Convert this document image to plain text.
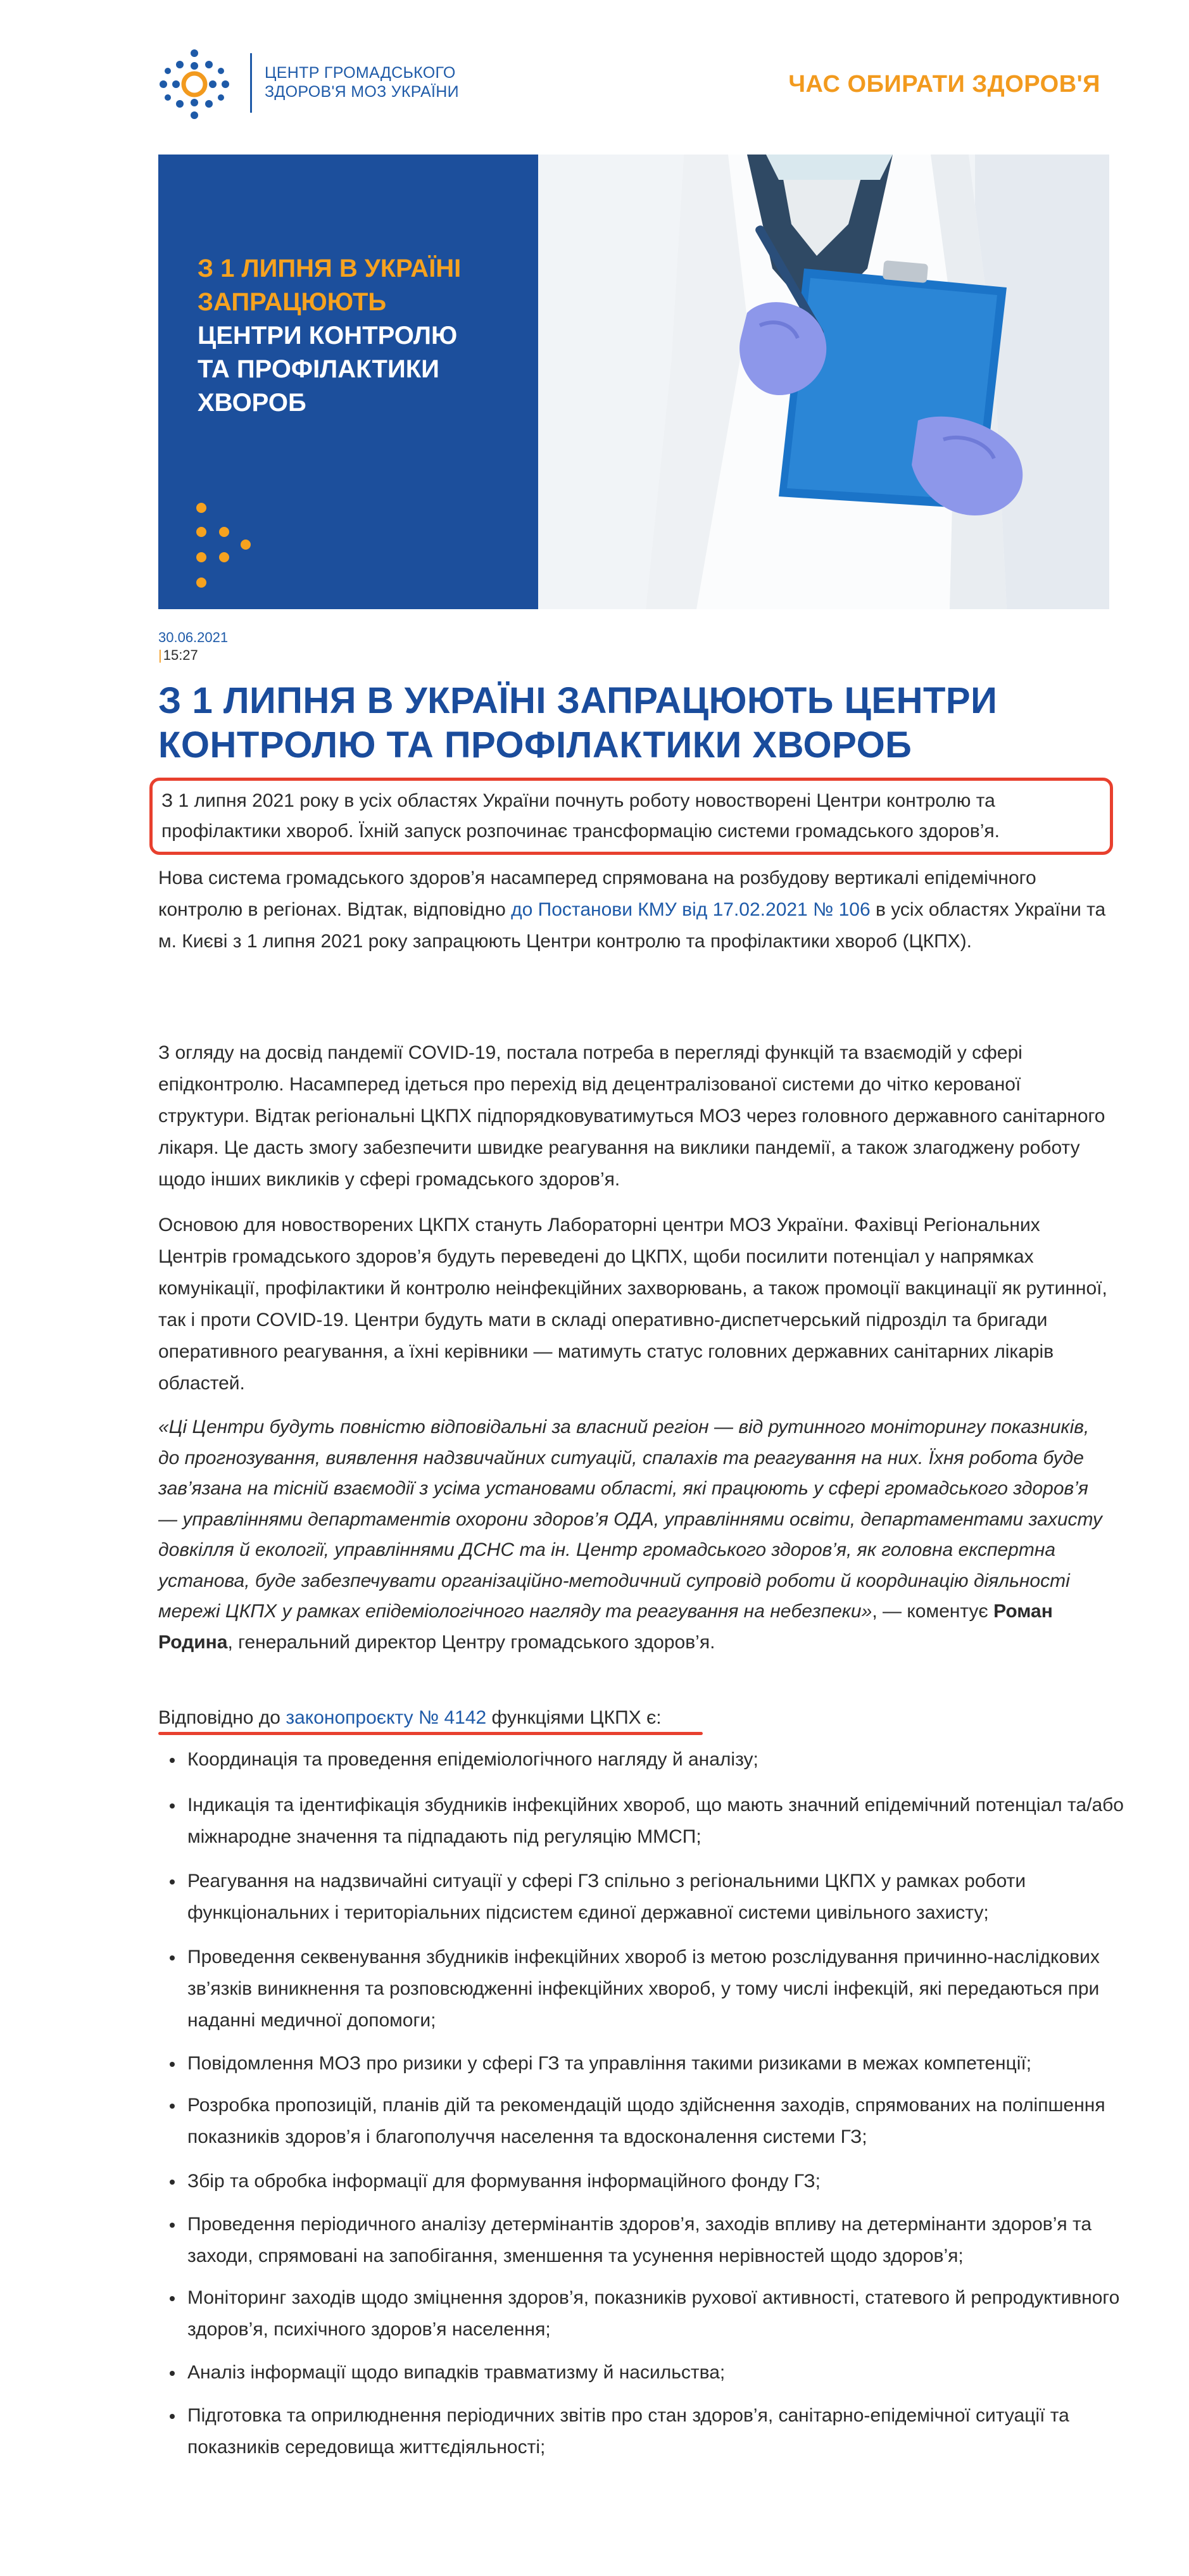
ЦЕНТР ГРОМАДСЬКОГО
ЗДОРОВ'Я МОЗ УКРАЇНИ	ЧАС ОБИРАТИ ЗДОРОВ'Я
З 1 ЛИПНЯ В УКРАЇНІ
ЗАПРАЦЮЮТЬ
ЦЕНТРИ КОНТРОЛЮ
ТА ПРОФІЛАКТИКИ
ХВОРОБ
30.06.2021
|15:27
З 1 ЛИПНЯ В УКРАЇНІ ЗАПРАЦЮЮТЬ ЦЕНТРИ КОНТРОЛЮ ТА ПРОФІЛАКТИКИ ХВОРОБ
З 1 липня 2021 року в усіх областях України почнуть роботу новостворені Центри контролю та профілактики хвороб. Їхній запуск розпочинає трансформацію системи громадського здоров’я.

Нова система громадського здоров’я насамперед спрямована на розбудову вертикалі епідемічного контролю в регіонах. Відтак, відповідно до Постанови КМУ від 17.02.2021 № 106 в усіх областях України та м. Києві з 1 липня 2021 року запрацюють Центри контролю та профілактики хвороб (ЦКПХ).

З огляду на досвід пандемії COVID-19, постала потреба в перегляді функцій та взаємодій у сфері епідконтролю. Насамперед ідеться про перехід від децентралізованої системи до чітко керованої структури. Відтак регіональні ЦКПХ підпорядковуватимуться МОЗ через головного державного санітарного лікаря. Це дасть змогу забезпечити швидке реагування на виклики пандемії, а також злагоджену роботу щодо інших викликів у сфері громадського здоров’я.

Основою для новостворених ЦКПХ стануть Лабораторні центри МОЗ України. Фахівці Регіональних Центрів громадського здоров’я будуть переведені до ЦКПХ, щоби посилити потенціал у напрямках комунікації, профілактики й контролю неінфекційних захворювань, а також промоції вакцинації як рутинної, так і проти COVID-19. Центри будуть мати в складі оперативно-диспетчерський підрозділ та бригади оперативного реагування, а їхні керівники — матимуть статус головних державних санітарних лікарів областей.

«Ці Центри будуть повністю відповідальні за власний регіон — від рутинного моніторингу показників, до прогнозування, виявлення надзвичайних ситуацій, спалахів та реагування на них. Їхня робота буде зав’язана на тісній взаємодії з усіма установами області, які працюють у сфері громадського здоров’я — управліннями департаментів охорони здоров’я ОДА, управліннями освіти, департаментами захисту довкілля й екології, управліннями ДСНС та ін. Центр громадського здоров’я, як головна експертна установа, буде забезпечувати організаційно-методичний супровід роботи й координацію діяльності мережі ЦКПХ у рамках епідеміологічного нагляду та реагування на небезпеки», — коментує Роман Родина, генеральний директор Центру громадського здоров’я.

Відповідно до законопроєкту № 4142 функціями ЦКПХ є:
Координація та проведення епідеміологічного нагляду й аналізу;
Індикація та ідентифікація збудників інфекційних хвороб, що мають значний епідемічний потенціал та/або міжнародне значення та підпадають під регуляцію ММСП;
Реагування на надзвичайні ситуації у сфері ГЗ спільно з регіональними ЦКПХ у рамках роботи функціональних і територіальних підсистем єдиної державної системи цивільного захисту;
Проведення секвенування збудників інфекційних хвороб із метою розслідування причинно-наслідкових зв’язків виникнення та розповсюдженні інфекційних хвороб, у тому числі інфекцій, які передаються при наданні медичної допомоги;
Повідомлення МОЗ про ризики у сфері ГЗ та управління такими ризиками в межах компетенції;
Розробка пропозицій, планів дій та рекомендацій щодо здійснення заходів, спрямованих на поліпшення показників здоров’я і благополуччя населення та вдосконалення системи ГЗ;
Збір та обробка інформації для формування інформаційного фонду ГЗ;
Проведення періодичного аналізу детермінантів здоров’я, заходів впливу на детермінанти здоров’я та заходи, спрямовані на запобігання, зменшення та усунення нерівностей щодо здоров’я;
Моніторинг заходів щодо зміцнення здоров’я, показників рухової активності, статевого й репродуктивного здоров’я, психічного здоров’я населення;
Аналіз інформації щодо випадків травматизму й насильства;
Підготовка та оприлюднення періодичних звітів про стан здоров’я, санітарно-епідемічної ситуації та показників середовища життєдіяльності;
